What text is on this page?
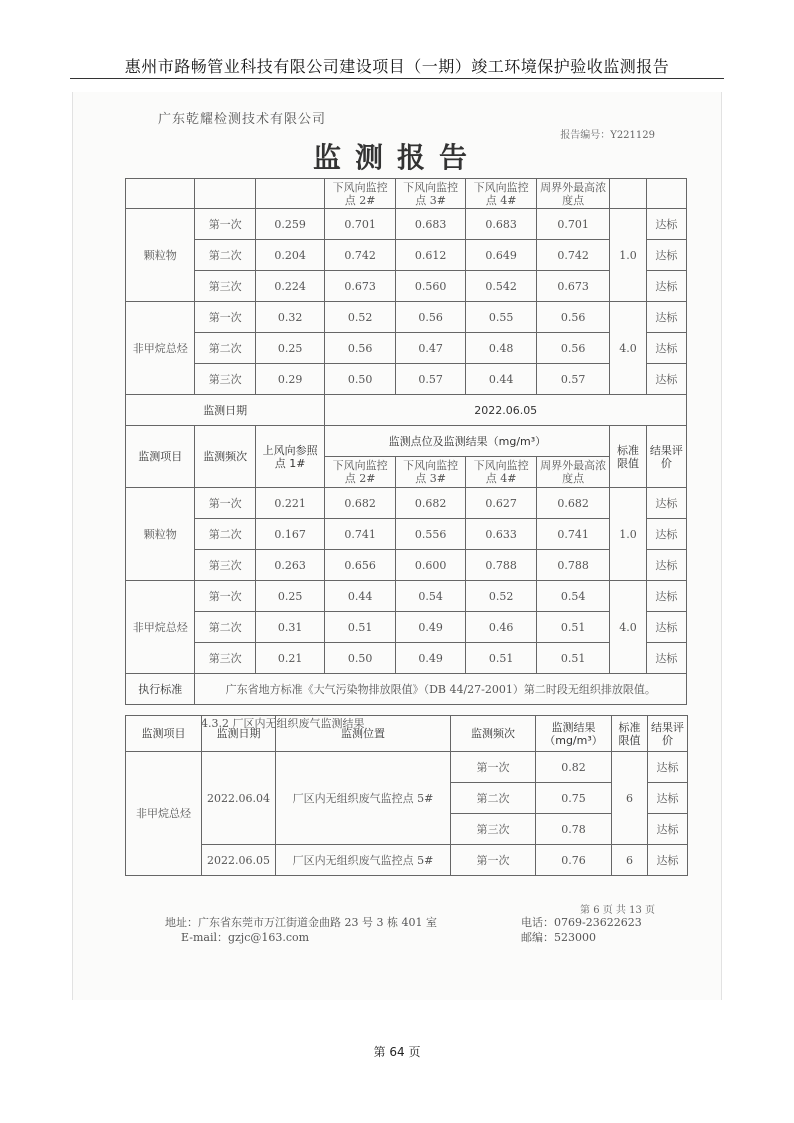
惠州市路畅管业科技有限公司建设项目（一期）竣工环境保护验收监测报告
广东乾耀检测技术有限公司
报告编号：Y221129
监测报告
			下风向监控点 2#	下风向监控点 3#	下风向监控点 4#	周界外最高浓度点		
颗粒物	第一次	0.259	0.701	0.683	0.683	0.701	1.0	达标
	第二次	0.204	0.742	0.612	0.649	0.742		达标
	第三次	0.224	0.673	0.560	0.542	0.673		达标
非甲烷总烃	第一次	0.32	0.52	0.56	0.55	0.56	4.0	达标
	第二次	0.25	0.56	0.47	0.48	0.56		达标
	第三次	0.29	0.50	0.57	0.44	0.57		达标
监测日期			2022.06.05					
监测项目	监测频次	上风向参照点 1#	监测点位及监测结果（mg/m³）				标准限值	结果评价
			下风向监控点 2#	下风向监控点 3#	下风向监控点 4#	周界外最高浓度点		
颗粒物	第一次	0.221	0.682	0.682	0.627	0.682	1.0	达标
	第二次	0.167	0.741	0.556	0.633	0.741		达标
	第三次	0.263	0.656	0.600	0.788	0.788		达标
非甲烷总烃	第一次	0.25	0.44	0.54	0.52	0.54	4.0	达标
	第二次	0.31	0.51	0.49	0.46	0.51		达标
	第三次	0.21	0.50	0.49	0.51	0.51		达标
执行标准	广东省地方标准《大气污染物排放限值》（DB 44/27-2001）第二时段无组织排放限值。							
4.3.2 厂区内无组织废气监测结果
监测项目	监测日期	监测位置	监测频次	监测结果（mg/m³）	标准限值	结果评价
非甲烷总烃	2022.06.04	厂区内无组织废气监控点 5#	第一次	0.82	6	达标
			第二次	0.75		达标
			第三次	0.78		达标
	2022.06.05	厂区内无组织废气监控点 5#	第一次	0.76	6	达标
第 6 页 共 13 页
地址：广东省东莞市万江街道金曲路 23 号 3 栋 401 室	电话：0769-23622623
E-mail：gzjc@163.com	邮编：523000
第 64 页
